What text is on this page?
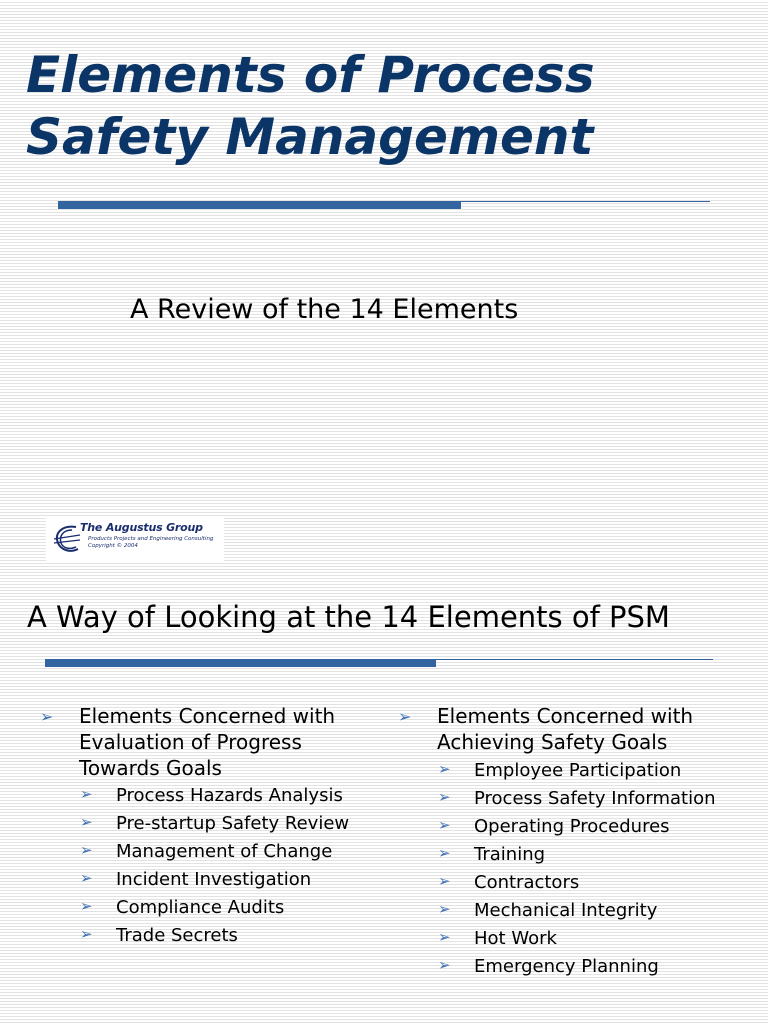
Elements of Process
Safety Management
A Review of the 14 Elements
The Augustus Group
Products Projects and Engineering Consulting
Copyright © 2004
A Way of Looking at the 14 Elements of PSM
➢ Elements Concerned with Evaluation of Progress Towards Goals
➢ Process Hazards Analysis
➢ Pre-startup Safety Review
➢ Management of Change
➢ Incident Investigation
➢ Compliance Audits
➢ Trade Secrets
➢ Elements Concerned with Achieving Safety Goals
➢ Employee Participation
➢ Process Safety Information
➢ Operating Procedures
➢ Training
➢ Contractors
➢ Mechanical Integrity
➢ Hot Work
➢ Emergency Planning
